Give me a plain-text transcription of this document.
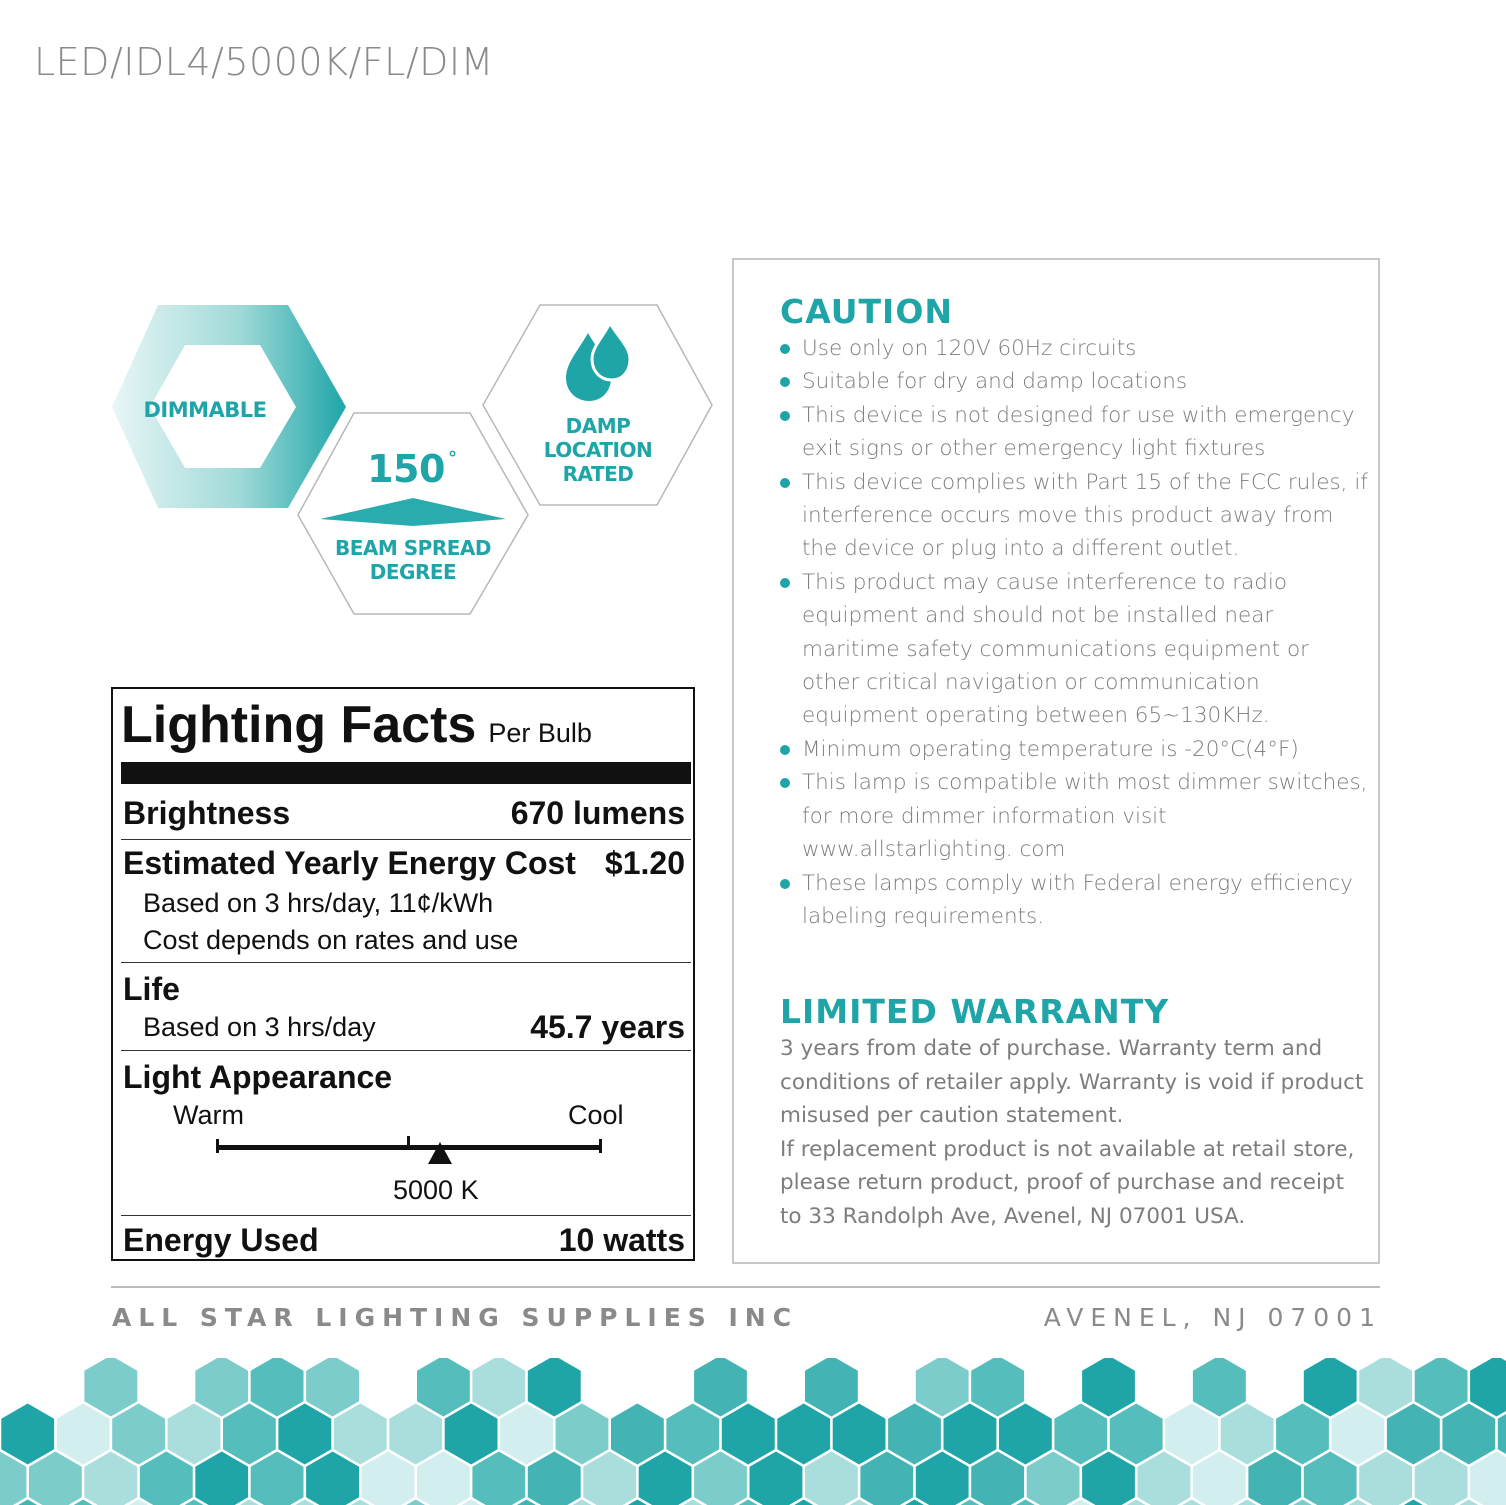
LED/IDL4/5000K/FL/DIM
DIMMABLE
150 °
BEAM SPREAD
DEGREE
DAMP
LOCATION
RATED
Lighting Facts Per Bulb
Brightness	670 lumens
Estimated Yearly Energy Cost $1.20
Based on 3 hrs/day, 11¢/kWh
Cost depends on rates and use
Life
Based on 3 hrs/day	45.7 years
Light Appearance
Warm	Cool
5000 K
Energy Used	10 watts
CAUTION
Use only on 120V 60Hz circuits
Suitable for dry and damp locations
This device is not designed for use with emergency exit signs or other emergency light fixtures
This device complies with Part 15 of the FCC rules, if interference occurs move this product away from the device or plug into a different outlet.
This product may cause interference to radio equipment and should not be installed near maritime safety communications equipment or other critical navigation or communication equipment operating between 65~130KHz.
Minimum operating temperature is -20°C(4°F)
This lamp is compatible with most dimmer switches, for more dimmer information visit www.allstarlighting. com
These lamps comply with Federal energy efficiency labeling requirements.
LIMITED WARRANTY
3 years from date of purchase. Warranty term and conditions of retailer apply. Warranty is void if product misused per caution statement.
If replacement product is not available at retail store, please return product, proof of purchase and receipt to 33 Randolph Ave, Avenel, NJ 07001 USA.
ALL STAR LIGHTING SUPPLIES INC	AVENEL, NJ 07001
